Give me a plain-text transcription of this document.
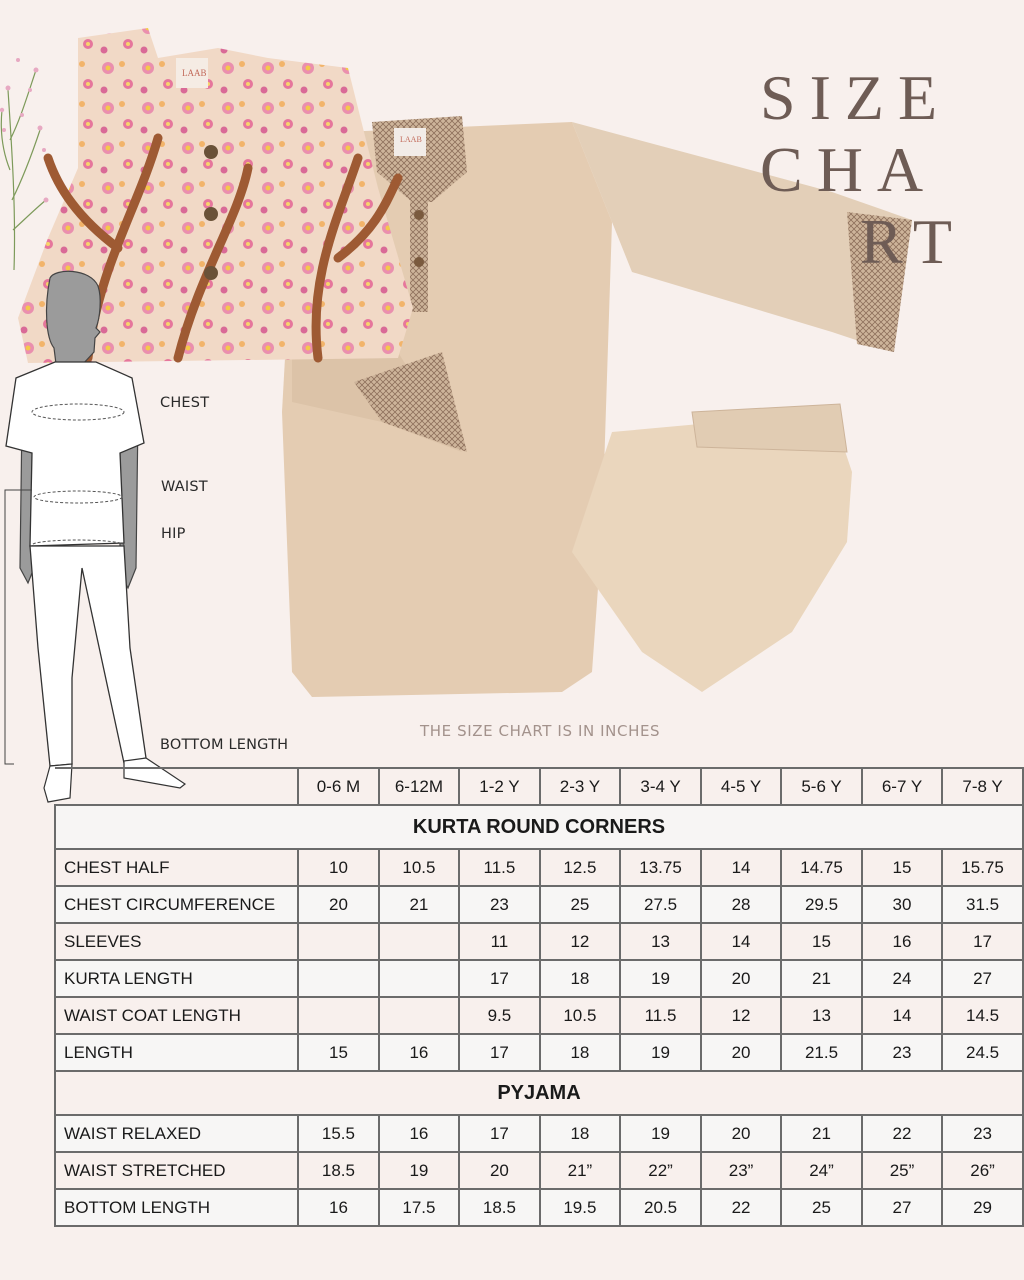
LAAB
LAAB	SIZE
CHA
RT
CHEST
WAIST
HIP
BOTTOM LENGTH
THE SIZE CHART IS IN INCHES
	0-6 M	6-12M	1-2 Y	2-3 Y	3-4 Y	4-5 Y	5-6 Y	6-7 Y	7-8 Y
KURTA ROUND CORNERS									
CHEST HALF	10	10.5	11.5	12.5	13.75	14	14.75	15	15.75
CHEST CIRCUMFERENCE	20	21	23	25	27.5	28	29.5	30	31.5
SLEEVES			11	12	13	14	15	16	17
KURTA LENGTH			17	18	19	20	21	24	27
WAIST COAT LENGTH			9.5	10.5	11.5	12	13	14	14.5
LENGTH	15	16	17	18	19	20	21.5	23	24.5
PYJAMA									
WAIST RELAXED	15.5	16	17	18	19	20	21	22	23
WAIST STRETCHED	18.5	19	20	21”	22”	23”	24”	25”	26”
BOTTOM LENGTH	16	17.5	18.5	19.5	20.5	22	25	27	29
